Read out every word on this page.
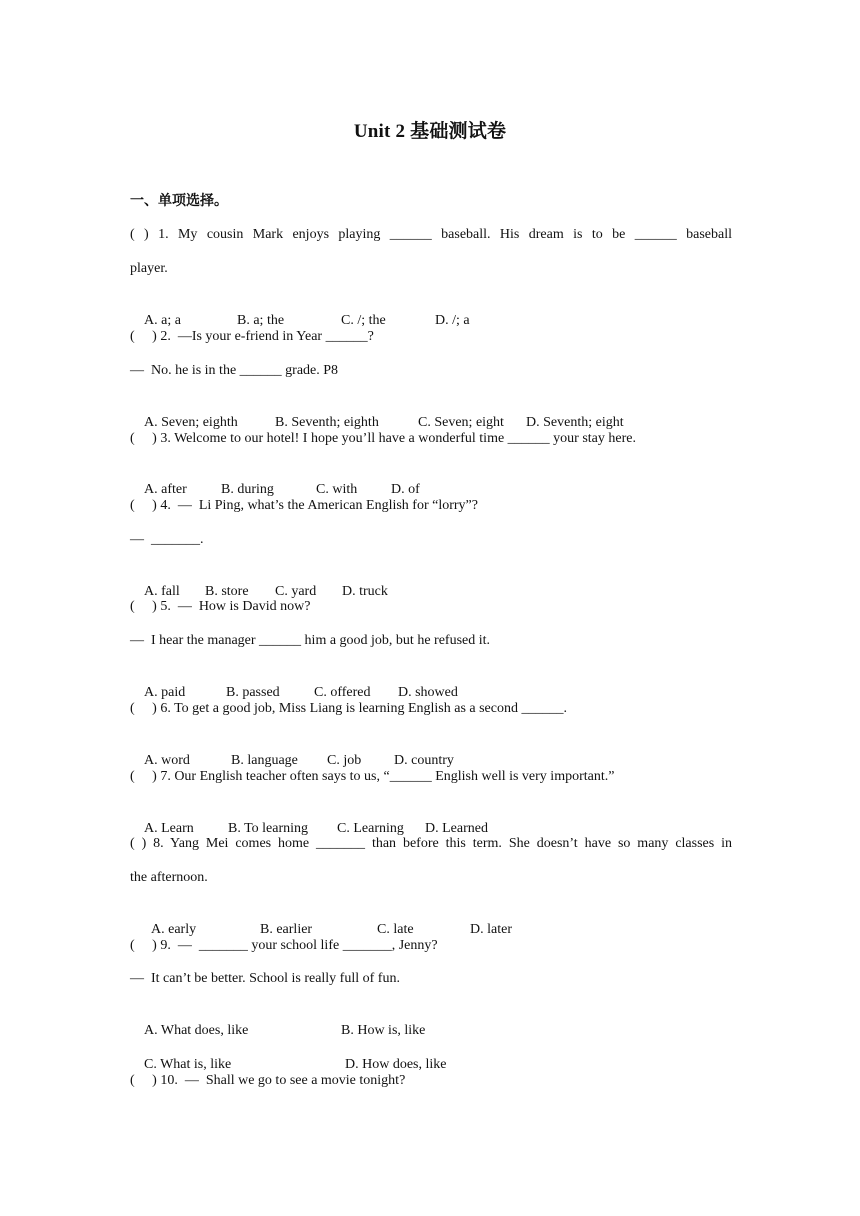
Unit 2 基础测试卷
一、单项选择。
( ) 1. My cousin Mark enjoys playing ______ baseball. His dream is to be ______ baseball
player.

A. a; a	B. a; the	C. /; the	D. /; a

(     ) 2.  —Is your e-friend in Year ______?
—  No. he is in the ______ grade. P8

A. Seven; eighth	B. Seventh; eighth	C. Seven; eight D. Seventh; eight

(     ) 3. Welcome to our hotel! I hope you’ll have a wonderful time ______ your stay here.

A. after B. during	C. with D. of

(     ) 4.  —  Li Ping, what’s the American English for “lorry”?
—  _______.

A. fall B. store C. yard D. truck

(     ) 5.  —  How is David now?
—  I hear the manager ______ him a good job, but he refused it.

A. paid	B. passed C. offered D. showed

(     ) 6. To get a good job, Miss Liang is learning English as a second ______.

A. word	B. language C. job D. country

(     ) 7. Our English teacher often says to us, “______ English well is very important.”

A. Learn B. To learning C. Learning D. Learned

( ) 8. Yang Mei comes home _______ than before this term. She doesn’t have so many classes in
the afternoon.

A. early	B. earlier	C. late	D. later

(     ) 9.  —  _______ your school life _______, Jenny?
—  It can’t be better. School is really full of fun.

A. What does, like	B. How is, like

C. What is, like	D. How does, like

(     ) 10.  —  Shall we go to see a movie tonight?
